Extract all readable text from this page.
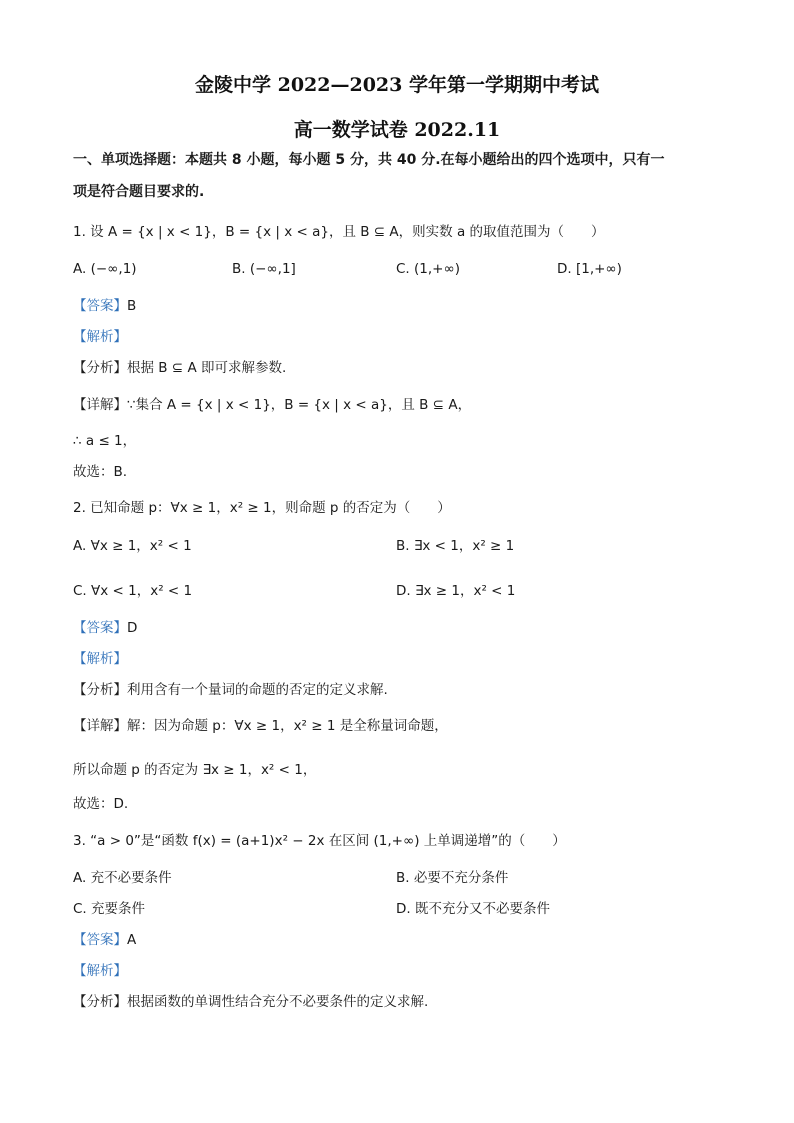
金陵中学 2022—2023 学年第一学期期中考试
高一数学试卷 2022.11
一、单项选择题：本题共 8 小题，每小题 5 分，共 40 分.在每小题给出的四个选项中，只有一
项是符合题目要求的.
1. 设 A = {x | x < 1}，B = {x | x < a}，且 B ⊆ A，则实数 a 的取值范围为（　　）
A. (−∞,1)	B. (−∞,1]	C. (1,+∞)	D. [1,+∞)
【答案】B
【解析】
【分析】根据 B ⊆ A 即可求解参数.
【详解】∵集合 A = {x | x < 1}，B = {x | x < a}，且 B ⊆ A，
∴ a ≤ 1，
故选：B.
2. 已知命题 p：∀x ≥ 1，x² ≥ 1，则命题 p 的否定为（　　）
A. ∀x ≥ 1，x² < 1	B. ∃x < 1，x² ≥ 1
C. ∀x < 1，x² < 1	D. ∃x ≥ 1，x² < 1
【答案】D
【解析】
【分析】利用含有一个量词的命题的否定的定义求解.
【详解】解：因为命题 p：∀x ≥ 1，x² ≥ 1 是全称量词命题，
所以命题 p 的否定为 ∃x ≥ 1，x² < 1，
故选：D.
3. “a > 0”是“函数 f(x) = (a+1)x² − 2x 在区间 (1,+∞) 上单调递增”的（　　）
A. 充不必要条件	B. 必要不充分条件
C. 充要条件	D. 既不充分又不必要条件
【答案】A
【解析】
【分析】根据函数的单调性结合充分不必要条件的定义求解.
